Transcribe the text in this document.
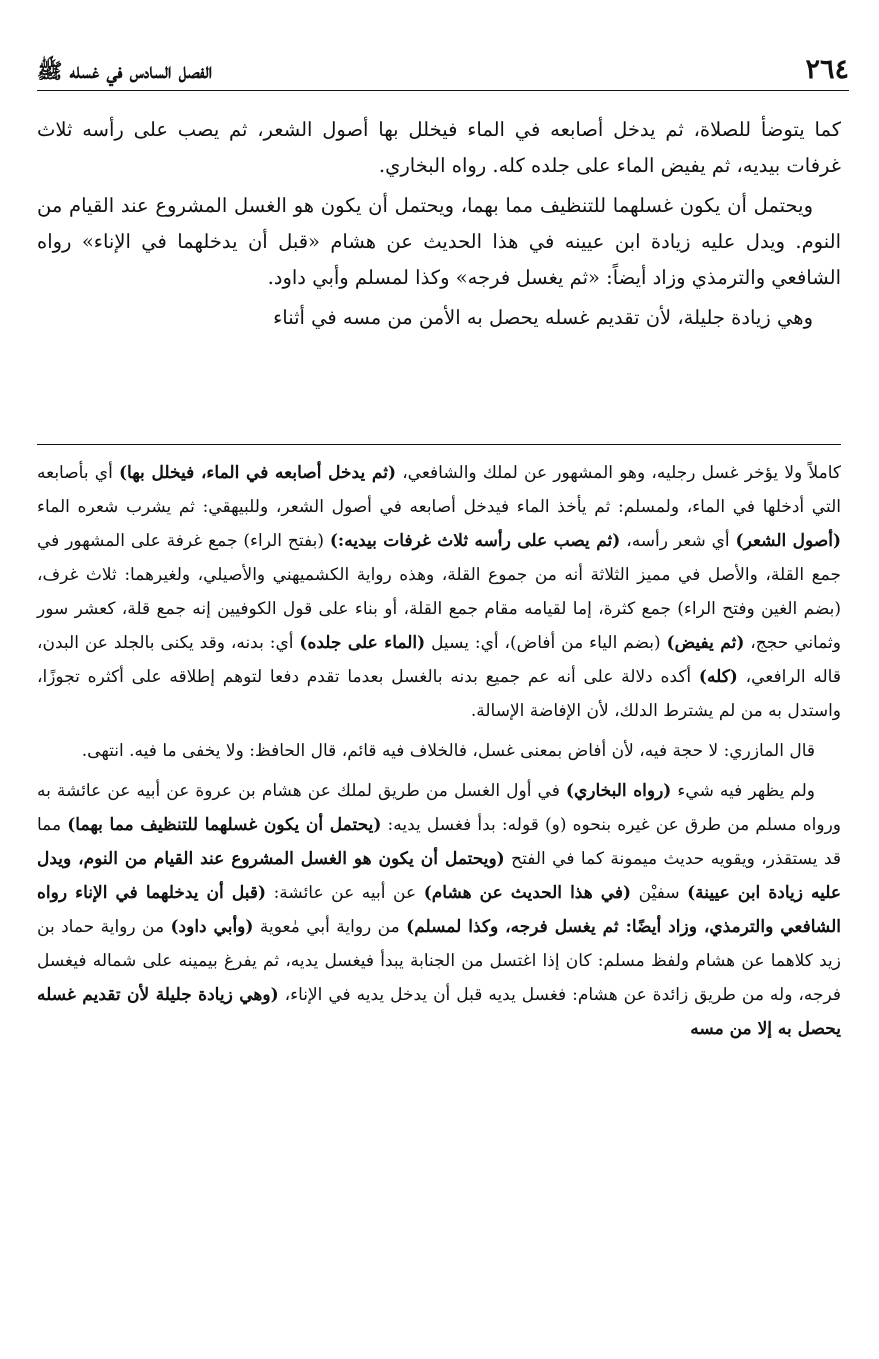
٢٦٤
الفصل السادس في غسله ﷺ

كما يتوضأ للصلاة، ثم يدخل أصابعه في الماء فيخلل بها أصول الشعر، ثم يصب على رأسه ثلاث غرفات بيديه، ثم يفيض الماء على جلده كله. رواه البخاري.

ويحتمل أن يكون غسلهما للتنظيف مما بهما، ويحتمل أن يكون هو الغسل المشروع عند القيام من النوم. ويدل عليه زيادة ابن عيينه في هذا الحديث عن هشام «قبل أن يدخلهما في الإناء» رواه الشافعي والترمذي وزاد أيضاً: «ثم يغسل فرجه» وكذا لمسلم وأبي داود.

وهي زيادة جليلة، لأن تقديم غسله يحصل به الأمن من مسه في أثناء

كاملاً ولا يؤخر غسل رجليه، وهو المشهور عن لملك والشافعي، (ثم يدخل أصابعه في الماء، فيخلل بها) أي بأصابعه التي أدخلها في الماء، ولمسلم: ثم يأخذ الماء فيدخل أصابعه في أصول الشعر، وللبيهقي: ثم يشرب شعره الماء (أصول الشعر) أي شعر رأسه، (ثم يصب على رأسه ثلاث غرفات بيديه:) (بفتح الراء) جمع غرفة على المشهور في جمع القلة، والأصل في مميز الثلاثة أنه من جموع القلة، وهذه رواية الكشميهني والأصيلي، ولغيرهما: ثلاث غرف، (بضم الغين وفتح الراء) جمع كثرة، إما لقيامه مقام جمع القلة، أو بناء على قول الكوفيين إنه جمع قلة، كعشر سور وثماني حجج، (ثم يفيض) (بضم الياء من أفاض)، أي: يسيل (الماء على جلده) أي: بدنه، وقد يكنى بالجلد عن البدن، قاله الرافعي، (كله) أكده دلالة على أنه عم جميع بدنه بالغسل بعدما تقدم دفعا لتوهم إطلاقه على أكثره تجوزًا، واستدل به من لم يشترط الدلك، لأن الإفاضة الإسالة.

قال المازري: لا حجة فيه، لأن أفاض بمعنى غسل، فالخلاف فيه قائم، قال الحافظ: ولا يخفى ما فيه. انتهى.

ولم يظهر فيه شيء (رواه البخاري) في أول الغسل من طريق لملك عن هشام بن عروة عن أبيه عن عائشة به ورواه مسلم من طرق عن غيره بنحوه (و) قوله: بدأ فغسل يديه: (يحتمل أن يكون غسلهما للتنظيف مما بهما) مما قد يستقذر، ويقويه حديث ميمونة كما في الفتح (ويحتمل أن يكون هو الغسل المشروع عند القيام من النوم، ويدل عليه زيادة ابن عيينة) سفيْن (في هذا الحديث عن هشام) عن أبيه عن عائشة: (قبل أن يدخلهما في الإناء رواه الشافعي والترمذي، وزاد أيضًا: ثم يغسل فرجه، وكذا لمسلم) من رواية أبي مٰعوية (وأبي داود) من رواية حماد بن زيد كلاهما عن هشام ولفظ مسلم: كان إذا اغتسل من الجنابة يبدأ فيغسل يديه، ثم يفرغ بيمينه على شماله فيغسل فرجه، وله من طريق زائدة عن هشام: فغسل يديه قبل أن يدخل يديه في الإناء، (وهي زيادة جليلة لأن تقديم غسله يحصل به إلا من مسه
